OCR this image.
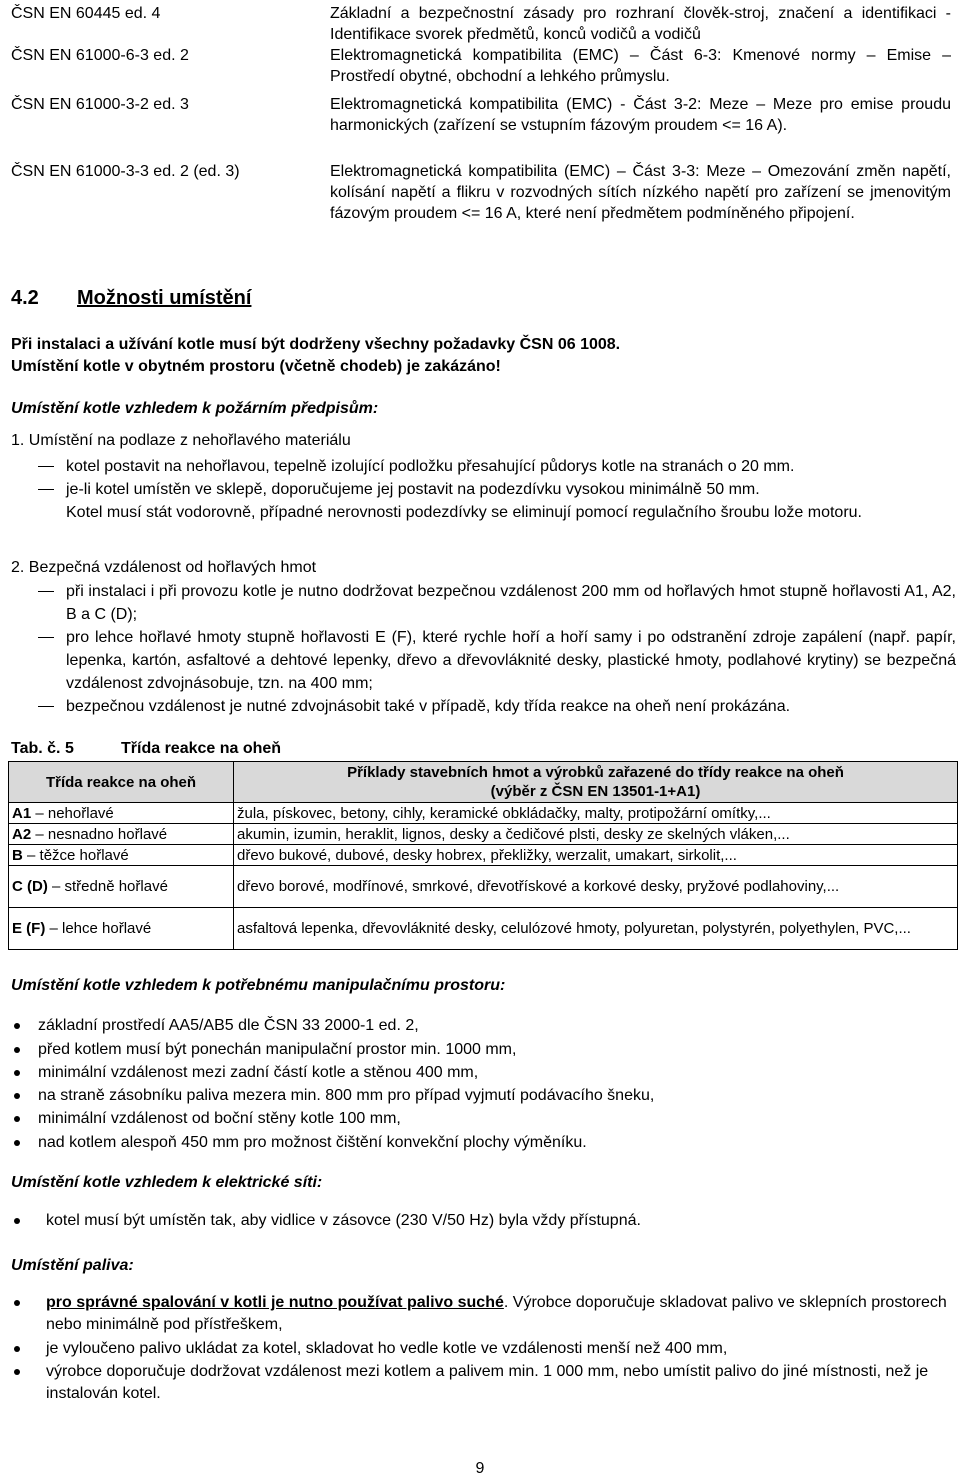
ČSN EN 60445 ed. 4	Základní a bezpečnostní zásady pro rozhraní člověk-stroj, značení a identifikaci - Identifikace svorek předmětů, konců vodičů a vodičů
ČSN EN 61000-6-3 ed. 2	Elektromagnetická kompatibilita (EMC) – Část 6-3: Kmenové normy – Emise – Prostředí obytné, obchodní a lehkého průmyslu.
ČSN EN 61000-3-2 ed. 3	Elektromagnetická kompatibilita (EMC) - Část 3-2: Meze – Meze pro emise proudu harmonických (zařízení se vstupním fázovým proudem <= 16 A).
ČSN EN 61000-3-3 ed. 2 (ed. 3)	Elektromagnetická kompatibilita (EMC) – Část 3-3: Meze – Omezování změn napětí, kolísání napětí a flikru v rozvodných sítích nízkého napětí pro zařízení se jmenovitým fázovým proudem <= 16 A, které není předmětem podmíněného připojení.
4.2 Možnosti umístění
Při instalaci a užívání kotle musí být dodrženy všechny požadavky ČSN 06 1008.
Umístění kotle v obytném prostoru (včetně chodeb) je zakázáno!
Umístění kotle vzhledem k požárním předpisům:
1. Umístění na podlaze z nehořlavého materiálu
kotel postavit na nehořlavou, tepelně izolující podložku přesahující půdorys kotle na stranách o 20 mm.
je-li kotel umístěn ve sklepě, doporučujeme jej postavit na podezdívku vysokou minimálně 50 mm.
Kotel musí stát vodorovně, případné nerovnosti podezdívky se eliminují pomocí regulačního šroubu lože motoru.
2. Bezpečná vzdálenost od hořlavých hmot
při instalaci i při provozu kotle je nutno dodržovat bezpečnou vzdálenost 200 mm od hořlavých hmot stupně hořlavosti A1, A2, B a C (D);
pro lehce hořlavé hmoty stupně hořlavosti E (F), které rychle hoří a hoří samy i po odstranění zdroje zapálení (např. papír, lepenka, kartón, asfaltové a dehtové lepenky, dřevo a dřevovláknité desky, plastické hmoty, podlahové krytiny) se bezpečná vzdálenost zdvojnásobuje, tzn. na 400 mm;
bezpečnou vzdálenost je nutné zdvojnásobit také v případě, kdy třída reakce na oheň není prokázána.
Tab. č. 5	Třída reakce na oheň
Třída reakce na oheň	Příklady stavebních hmot a výrobků zařazené do třídy reakce na oheň
(výběr z ČSN EN 13501-1+A1)

A1 – nehořlavé	žula, pískovec, betony, cihly, keramické obkládačky, malty, protipožární omítky,...
A2 – nesnadno hořlavé	akumin, izumin, heraklit, lignos, desky a čedičové plsti, desky ze skelných vláken,...
B – těžce hořlavé	dřevo bukové, dubové, desky hobrex, překližky, werzalit, umakart, sirkolit,...
C (D) – středně hořlavé	dřevo borové, modřínové, smrkové, dřevotřískové a korkové desky, pryžové podlahoviny,...
E (F) – lehce hořlavé	asfaltová lepenka, dřevovláknité desky, celulózové hmoty, polyuretan, polystyrén, polyethylen, PVC,...
Umístění kotle vzhledem k potřebnému manipulačnímu prostoru:
základní prostředí AA5/AB5 dle ČSN 33 2000-1 ed. 2,
před kotlem musí být ponechán manipulační prostor min. 1000 mm,
minimální vzdálenost mezi zadní částí kotle a stěnou 400 mm,
na straně zásobníku paliva mezera min. 800 mm pro případ vyjmutí podávacího šneku,
minimální vzdálenost od boční stěny kotle 100 mm,
nad kotlem alespoň 450 mm pro možnost čištění konvekční plochy výměníku.
Umístění kotle vzhledem k elektrické síti:
kotel musí být umístěn tak, aby vidlice v zásovce (230 V/50 Hz) byla vždy přístupná.
Umístění paliva:
pro správné spalování v kotli je nutno používat palivo suché. Výrobce doporučuje skladovat palivo ve sklepních prostorech nebo minimálně pod přístřeškem,
je vyloučeno palivo ukládat za kotel, skladovat ho vedle kotle ve vzdálenosti menší než 400 mm,
výrobce doporučuje dodržovat vzdálenost mezi kotlem a palivem min. 1 000 mm, nebo umístit palivo do jiné místnosti, než je instalován kotel.
9
